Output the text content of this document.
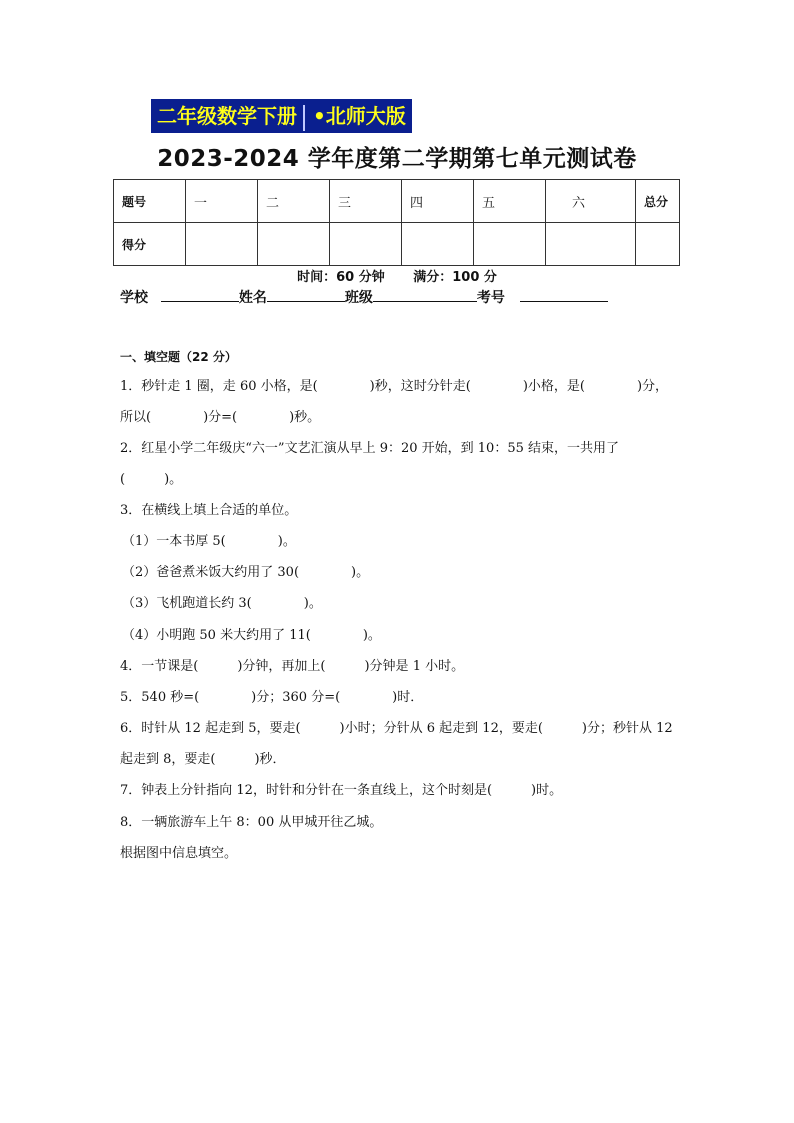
二年级数学下册 •北师大版
2023-2024 学年度第二学期第七单元测试卷
题号	一	二	三	四	五	六	总分
得分							
时间：60 分钟 满分：100 分
学校	姓名	班级	考号
一、填空题（22 分）
1．秒针走 1 圈，走 60 小格，是(　　　　)秒，这时分针走(　　　　)小格，是(　　　　)分，
所以(　　　　)分=(　　　　)秒。
2．红星小学二年级庆“六一”文艺汇演从早上 9：20 开始，到 10：55 结束，一共用了
(　　　)。
3．在横线上填上合适的单位。
（1）一本书厚 5(　　　　)。
（2）爸爸煮米饭大约用了 30(　　　　)。
（3）飞机跑道长约 3(　　　　)。
（4）小明跑 50 米大约用了 11(　　　　)。
4．一节课是(　　　)分钟，再加上(　　　)分钟是 1 小时。
5．540 秒=(　　　　)分；360 分=(　　　　)时．
6．时针从 12 起走到 5，要走(　　　)小时；分针从 6 起走到 12，要走(　　　)分；秒针从 12
起走到 8，要走(　　　)秒．
7．钟表上分针指向 12，时针和分针在一条直线上，这个时刻是(　　　)时。
8．一辆旅游车上午 8：00 从甲城开往乙城。
根据图中信息填空。
